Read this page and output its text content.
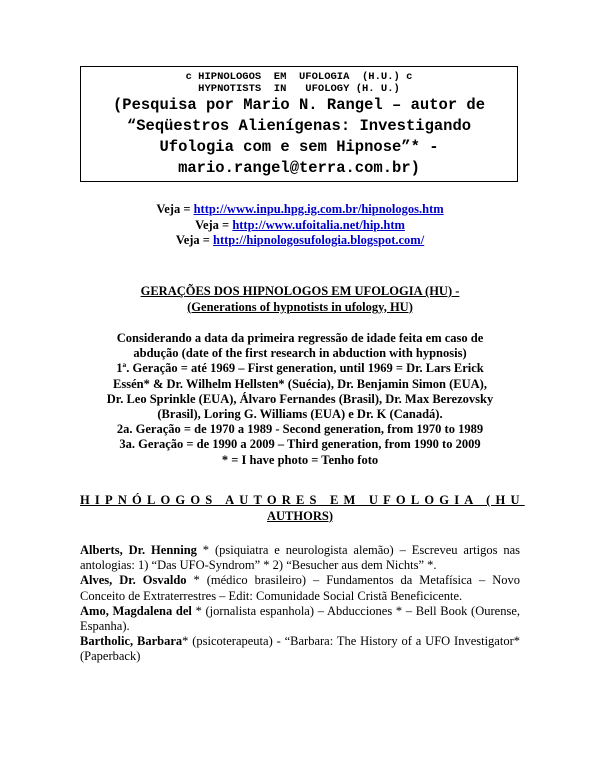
c HIPNOLOGOS  EM  UFOLOGIA  (H.U.) c
HYPNOTISTS  IN   UFOLOGY (H. U.)
(Pesquisa por Mario N. Rangel – autor de
“Seqüestros Alienígenas: Investigando
Ufologia com e sem Hipnose”* -
mario.rangel@terra.com.br)
Veja = http://www.inpu.hpg.ig.com.br/hipnologos.htm
Veja = http://www.ufoitalia.net/hip.htm
Veja = http://hipnologosufologia.blogspot.com/
GERAÇÕES DOS HIPNOLOGOS EM UFOLOGIA (HU) -
(Generations of hypnotists in ufology, HU)
Considerando a data da primeira regressão de idade feita em caso de
abdução (date of the first research in abduction with hypnosis)
1ª. Geração = até 1969 – First generation, until 1969 = Dr. Lars Erick
Essén* & Dr. Wilhelm Hellsten* (Suécia), Dr. Benjamin Simon (EUA),
Dr. Leo Sprinkle (EUA), Álvaro Fernandes (Brasil), Dr. Max Berezovsky
(Brasil), Loring G. Williams (EUA) e Dr. K (Canadá).
2a. Geração = de 1970 a 1989 - Second generation, from 1970 to 1989
3a. Geração = de 1990 a 2009 – Third generation, from 1990 to 2009
* = I have photo = Tenho foto
HIPNÓLOGOS AUTORES EM UFOLOGIA (HU
AUTHORS)

Alberts, Dr. Henning * (psiquiatra e neurologista alemão) – Escreveu artigos nas antologias: 1) “Das UFO-Syndrom” * 2) “Besucher aus dem Nichts” *.

Alves, Dr. Osvaldo * (médico brasileiro) – Fundamentos da Metafísica – Novo Conceito de Extraterrestres – Edit: Comunidade Social Cristã Beneficicente.

Amo, Magdalena del * (jornalista espanhola) – Abducciones * – Bell Book (Ourense, Espanha).

Bartholic, Barbara* (psicoterapeuta) - “Barbara: The History of a UFO Investigator* (Paperback)
